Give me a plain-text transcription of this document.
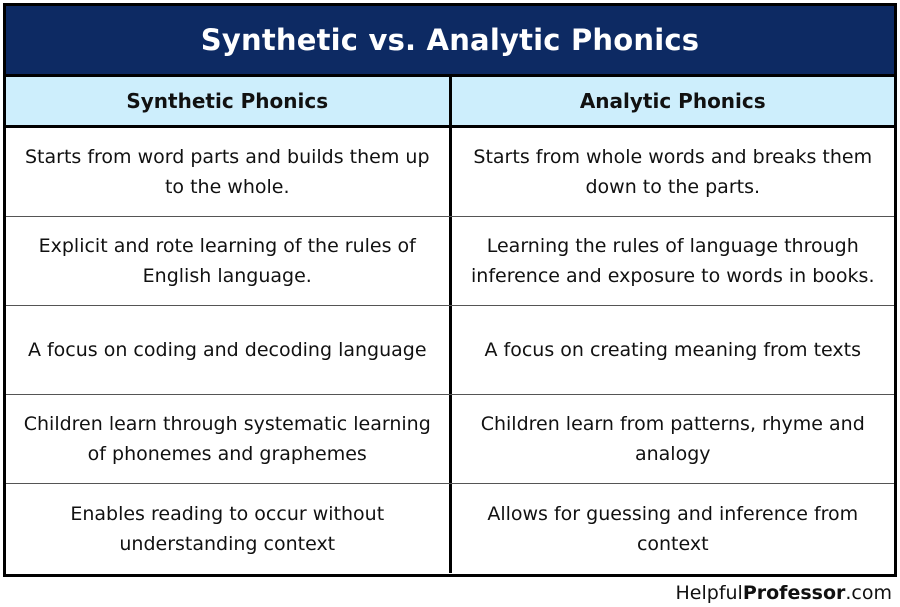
Synthetic vs. Analytic Phonics
Synthetic Phonics	Analytic Phonics
Starts from word parts and builds them up to the whole.
Starts from whole words and breaks them down to the parts.
Explicit and rote learning of the rules of English language.
Learning the rules of language through inference and exposure to words in books.
A focus on coding and decoding language	A focus on creating meaning from texts
Children learn through systematic learning of phonemes and graphemes
Children learn from patterns, rhyme and analogy
Enables reading to occur without understanding context
Allows for guessing and inference from context
HelpfulProfessor.com
